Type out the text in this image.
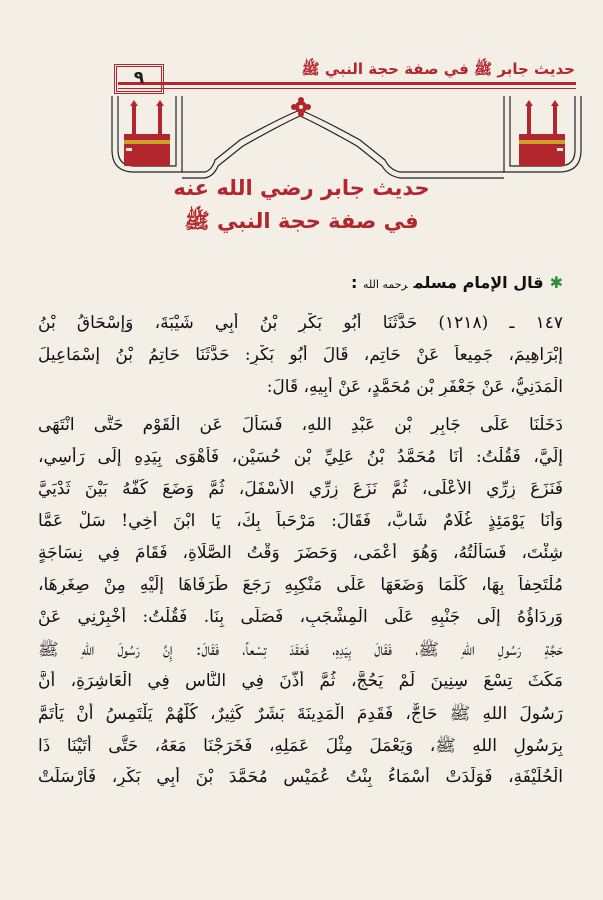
حديث جابر ﷺ في صفة حجة النبي ﷺ
٩
حديث جابر رضي الله عنه
في صفة حجة النبي ﷺ
✱قال الإمام مسلمرحمه الله :
١٤٧ ـ (١٢١٨) حَدَّثَنَا أَبُو بَكْرِ بْنُ أَبِي شَيْبَةَ، وَإِسْحَاقُ بْنُ
إِبْرَاهِيمَ، جَمِيعاً عَنْ حَاتِمٍ، قَالَ أَبُو بَكْرٍ: حَدَّثَنَا حَاتِمُ بْنُ إِسْمَاعِيلَ
الْمَدَنِيُّ، عَنْ جَعْفَرِ بْنِ مُحَمَّدٍ، عَنْ أَبِيهِ، قَالَ:
دَخَلْنَا عَلَى جَابِرِ بْنِ عَبْدِ اللهِ، فَسَأَلَ عَنِ الْقَوْمِ حَتَّى انْتَهَى
إِلَيَّ، فَقُلْتُ: أَنَا مُحَمَّدُ بْنُ عَلِيِّ بْنِ حُسَيْنٍ، فَأَهْوَى بِيَدِهِ إِلَى رَأْسِي،
فَنَزَعَ زِرِّي الأَعْلَى، ثُمَّ نَزَعَ زِرِّي الأَسْفَلَ، ثُمَّ وَضَعَ كَفَّهُ بَيْنَ ثَدْيَيَّ
وَأَنَا يَوْمَئِذٍ غُلَامٌ شَابٌّ، فَقَالَ: مَرْحَباً بِكَ، يَا ابْنَ أَخِي! سَلْ عَمَّا
شِئْتَ، فَسَأَلْتُهُ، وَهُوَ أَعْمَى، وَحَضَرَ وَقْتُ الصَّلَاةِ، فَقَامَ فِي نِسَاجَةٍ
مُلْتَحِفاً بِهَا، كُلَّمَا وَضَعَهَا عَلَى مَنْكِبِهِ رَجَعَ طَرَفَاهَا إِلَيْهِ مِنْ صِغَرِهَا،
وَرِدَاؤُهُ إِلَى جَنْبِهِ عَلَى الْمِشْجَبِ، فَصَلَّى بِنَا. فَقُلْتُ: أَخْبِرْنِي عَنْ
حَجَّةِ رَسُولِ اللهِ ﷺ، فَقَالَ بِيَدِهِ، فَعَقَدَ تِسْعاً، فَقَالَ: إِنَّ رَسُولَ اللهِ ﷺ
مَكَثَ تِسْعَ سِنِينَ لَمْ يَحُجَّ، ثُمَّ أَذَّنَ فِي النَّاسِ فِي الْعَاشِرَةِ، أَنَّ
رَسُولَ اللهِ ﷺ حَاجٌّ، فَقَدِمَ الْمَدِينَةَ بَشَرٌ كَثِيرٌ، كُلُّهُمْ يَلْتَمِسُ أَنْ يَأْتَمَّ
بِرَسُولِ اللهِ ﷺ، وَيَعْمَلَ مِثْلَ عَمَلِهِ، فَخَرَجْنَا مَعَهُ، حَتَّى أَتَيْنَا ذَا
الْحُلَيْفَةِ، فَوَلَدَتْ أَسْمَاءُ بِنْتُ عُمَيْسٍ مُحَمَّدَ بْنَ أَبِي بَكْرٍ، فَأَرْسَلَتْ
